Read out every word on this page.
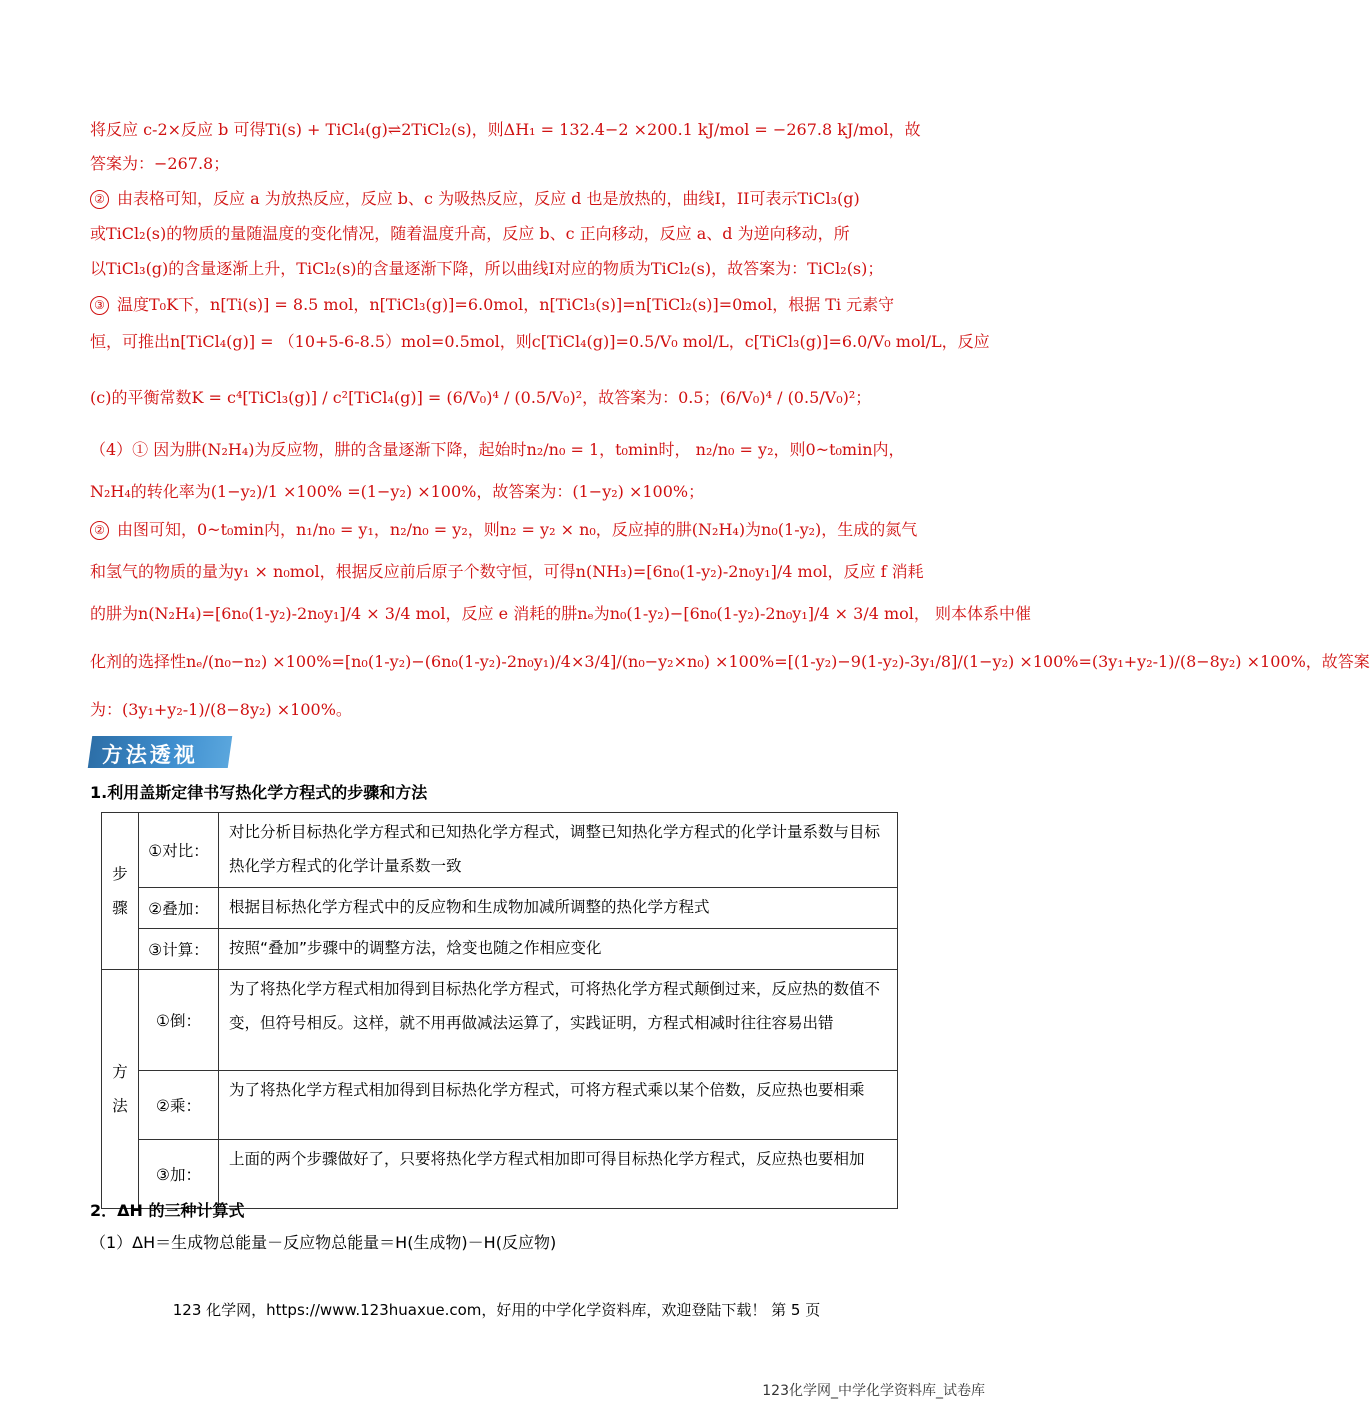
将反应 c-2×反应 b 可得Ti(s) + TiCl₄(g)⇌2TiCl₂(s)，则ΔH₁ = 132.4−2 ×200.1 kJ/mol = −267.8 kJ/mol，故
答案为：−267.8；
② 由表格可知，反应 a 为放热反应，反应 b、c 为吸热反应，反应 d 也是放热的，曲线I，II可表示TiCl₃(g)
或TiCl₂(s)的物质的量随温度的变化情况，随着温度升高，反应 b、c 正向移动，反应 a、d 为逆向移动，所
以TiCl₃(g)的含量逐渐上升，TiCl₂(s)的含量逐渐下降，所以曲线I对应的物质为TiCl₂(s)，故答案为：TiCl₂(s)；
③ 温度T₀K下，n[Ti(s)] = 8.5 mol，n[TiCl₃(g)]=6.0mol，n[TiCl₃(s)]=n[TiCl₂(s)]=0mol，根据 Ti 元素守
恒，可推出n[TiCl₄(g)] = （10+5-6-8.5）mol=0.5mol，则c[TiCl₄(g)]=0.5/V₀ mol/L，c[TiCl₃(g)]=6.0/V₀ mol/L，反应
(c)的平衡常数K = c⁴[TiCl₃(g)] / c²[TiCl₄(g)] = (6/V₀)⁴ / (0.5/V₀)²，故答案为：0.5；(6/V₀)⁴ / (0.5/V₀)²；
（4）① 因为肼(N₂H₄)为反应物，肼的含量逐渐下降，起始时n₂/n₀ = 1，t₀min时， n₂/n₀ = y₂，则0~t₀min内，
N₂H₄的转化率为(1−y₂)/1 ×100% =(1−y₂) ×100%，故答案为：(1−y₂) ×100%；
② 由图可知，0~t₀min内，n₁/n₀ = y₁，n₂/n₀ = y₂，则n₂ = y₂ × n₀，反应掉的肼(N₂H₄)为n₀(1-y₂)，生成的氮气
和氢气的物质的量为y₁ × n₀mol，根据反应前后原子个数守恒，可得n(NH₃)=[6n₀(1-y₂)-2n₀y₁]/4 mol，反应 f 消耗
的肼为n(N₂H₄)=[6n₀(1-y₂)-2n₀y₁]/4 × 3/4 mol，反应 e 消耗的肼nₑ为n₀(1-y₂)−[6n₀(1-y₂)-2n₀y₁]/4 × 3/4 mol， 则本体系中催
化剂的选择性nₑ/(n₀−n₂) ×100%=[n₀(1-y₂)−(6n₀(1-y₂)-2n₀y₁)/4×3/4]/(n₀−y₂×n₀) ×100%=[(1-y₂)−9(1-y₂)-3y₁/8]/(1−y₂) ×100%=(3y₁+y₂-1)/(8−8y₂) ×100%，故答案
为：(3y₁+y₂-1)/(8−8y₂) ×100%。
方法透视
1.利用盖斯定律书写热化学方程式的步骤和方法
步
骤	①对比：	对比分析目标热化学方程式和已知热化学方程式，调整已知热化学方程式的化学计量系数与目标热化学方程式的化学计量系数一致
	②叠加：	根据目标热化学方程式中的反应物和生成物加减所调整的热化学方程式
	③计算：	按照“叠加”步骤中的调整方法，焓变也随之作相应变化
方
法	①倒：	为了将热化学方程式相加得到目标热化学方程式，可将热化学方程式颠倒过来，反应热的数值不变，但符号相反。这样，就不用再做减法运算了，实践证明，方程式相减时往往容易出错
	②乘：	为了将热化学方程式相加得到目标热化学方程式，可将方程式乘以某个倍数，反应热也要相乘
	③加：	上面的两个步骤做好了，只要将热化学方程式相加即可得目标热化学方程式，反应热也要相加
2．ΔH 的三种计算式
（1）ΔH＝生成物总能量－反应物总能量＝H(生成物)－H(反应物)
123 化学网，https://www.123huaxue.com，好用的中学化学资料库，欢迎登陆下载！ 第 5 页
123化学网_中学化学资料库_试卷库
